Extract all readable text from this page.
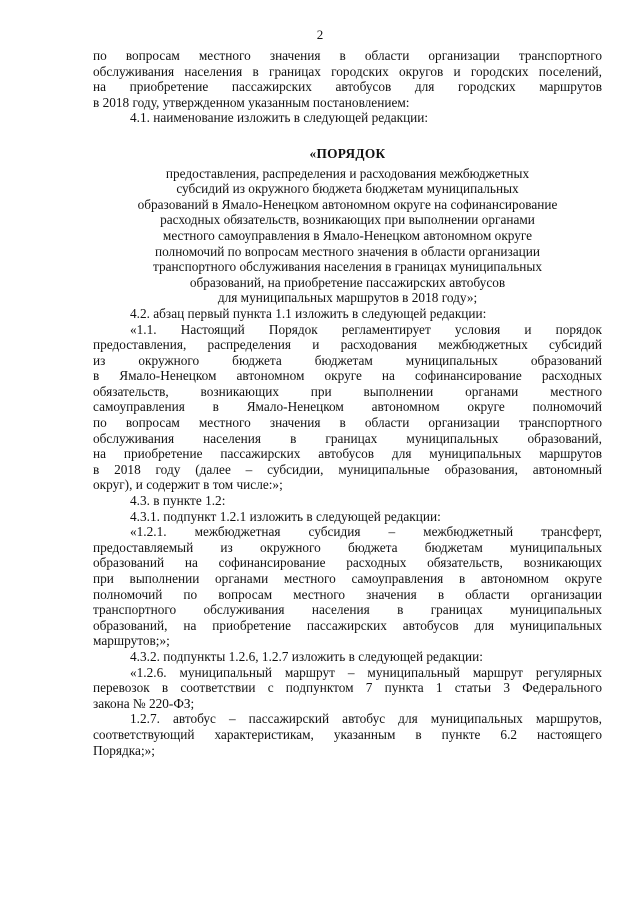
2

по вопросам местного значения в области организации транспортного

обслуживания населения в границах городских округов и городских поселений,

на приобретение пассажирских автобусов для городских маршрутов

в 2018 году, утвержденном указанным постановлением:

4.1. наименование изложить в следующей редакции:

«ПОРЯДОК

предоставления, распределения и расходования межбюджетных

субсидий из окружного бюджета бюджетам муниципальных

образований в Ямало-Ненецком автономном округе на софинансирование

расходных обязательств, возникающих при выполнении органами

местного самоуправления в Ямало-Ненецком автономном округе

полномочий по вопросам местного значения в области организации

транспортного обслуживания населения в границах муниципальных

образований, на приобретение пассажирских автобусов

для муниципальных маршрутов в 2018 году»;

4.2. абзац первый пункта 1.1 изложить в следующей редакции:

«1.1. Настоящий Порядок регламентирует условия и порядок

предоставления, распределения и расходования межбюджетных субсидий

из окружного бюджета бюджетам муниципальных образований

в Ямало-Ненецком автономном округе на софинансирование расходных

обязательств, возникающих при выполнении органами местного

самоуправления в Ямало-Ненецком автономном округе полномочий

по вопросам местного значения в области организации транспортного

обслуживания населения в границах муниципальных образований,

на приобретение пассажирских автобусов для муниципальных маршрутов

в 2018 году (далее – субсидии, муниципальные образования, автономный

округ), и содержит в том числе:»;

4.3. в пункте 1.2:

4.3.1. подпункт 1.2.1 изложить в следующей редакции:

«1.2.1. межбюджетная субсидия – межбюджетный трансферт,

предоставляемый из окружного бюджета бюджетам муниципальных

образований на софинансирование расходных обязательств, возникающих

при выполнении органами местного самоуправления в автономном округе

полномочий по вопросам местного значения в области организации

транспортного обслуживания населения в границах муниципальных

образований, на приобретение пассажирских автобусов для муниципальных

маршрутов;»;

4.3.2. подпункты 1.2.6, 1.2.7 изложить в следующей редакции:

«1.2.6. муниципальный маршрут – муниципальный маршрут регулярных

перевозок в соответствии с подпунктом 7 пункта 1 статьи 3 Федерального

закона № 220-ФЗ;

1.2.7. автобус – пассажирский автобус для муниципальных маршрутов,

соответствующий характеристикам, указанным в пункте 6.2 настоящего

Порядка;»;
